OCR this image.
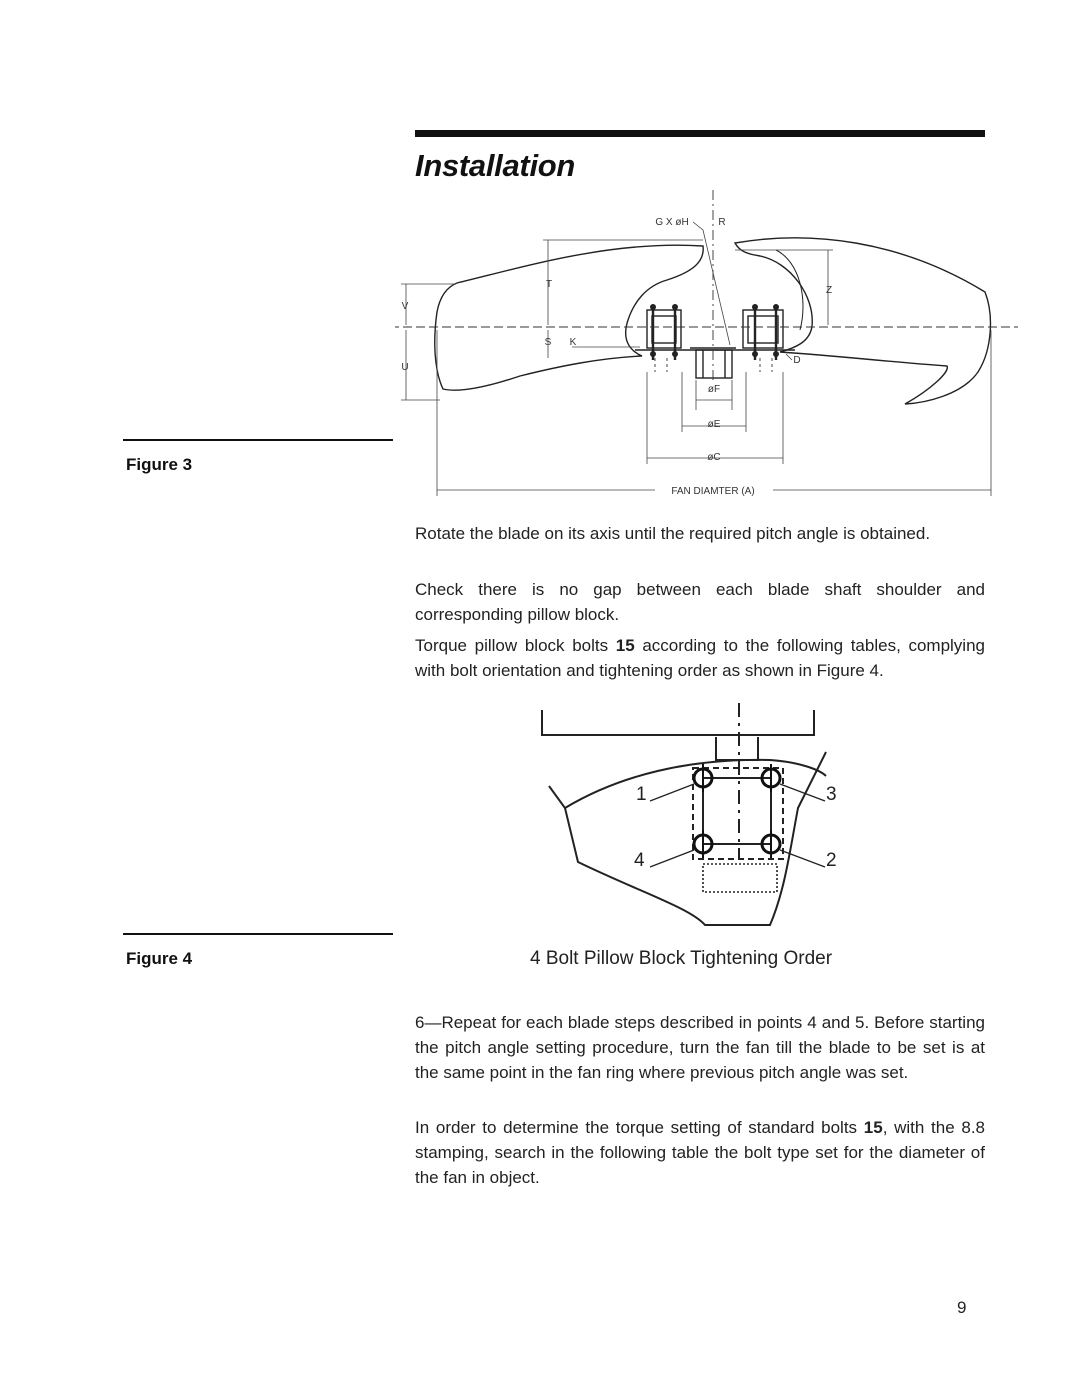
Installation
G X øH	R
T
Z
V
S K
U
D
øF
øE
øC
FAN DIAMTER (A)
Figure 3
Rotate the blade on its axis until the required pitch angle is obtained.
Check there is no gap between each blade shaft shoulder and corresponding pillow block.
Torque pillow block bolts 15 according to the following tables, complying with bolt orientation and tightening order as shown in Figure 4.
1	3
4	2
Figure 4	4 Bolt Pillow Block Tightening Order
6—Repeat for each blade steps described in points 4 and 5. Before starting the pitch angle setting procedure, turn the fan till the blade to be set is at the same point in the fan ring where previous pitch angle was set.
In order to determine the torque setting of standard bolts 15, with the 8.8 stamping, search in the following table the bolt type set for the diameter of the fan in object.
9
